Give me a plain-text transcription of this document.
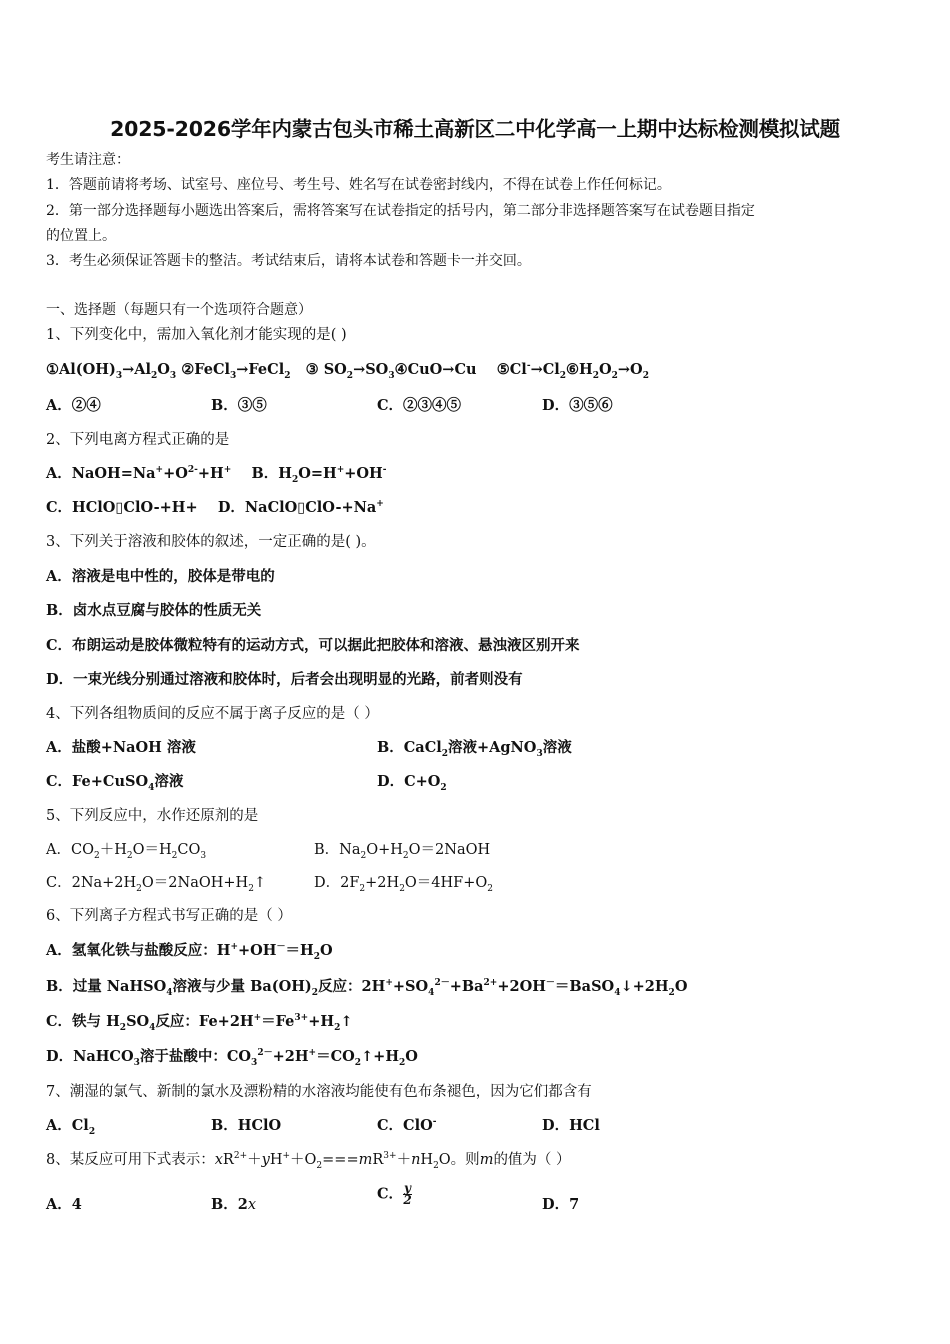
2025-2026学年内蒙古包头市稀土高新区二中化学高一上期中达标检测模拟试题
考生请注意：
1．答题前请将考场、试室号、座位号、考生号、姓名写在试卷密封线内，不得在试卷上作任何标记。
2．第一部分选择题每小题选出答案后，需将答案写在试卷指定的括号内，第二部分非选择题答案写在试卷题目指定
的位置上。
3．考生必须保证答题卡的整洁。考试结束后，请将本试卷和答题卡一并交回。
一、选择题（每题只有一个选项符合题意）
1、下列变化中，需加入氧化剂才能实现的是( )
$①Al(OH)_3\to Al_2O_3$ ②FeCl$_3$→FeCl$_2$ ③ $SO_2\to SO_3④CuO\to Cu$ $⑤Cl^-\to Cl_2⑥H_2O_2\to O_2$
A．②④	B．③⑤	C．②③④⑤	D．③⑤⑥
2、下列电离方程式正确的是
A．$NaOH=Na^++O^{2-}+H^+$ B．$H_2O=H^++OH^-$
C．HClO▯ClO-+H+ D．NaClO▯ClO-+Na+
3、下列关于溶液和胶体的叙述，一定正确的是( )。
A．溶液是电中性的，胶体是带电的
B．卤水点豆腐与胶体的性质无关
C．布朗运动是胶体微粒特有的运动方式，可以据此把胶体和溶液、悬浊液区别开来
D．一束光线分别通过溶液和胶体时，后者会出现明显的光路，前者则没有
4、下列各组物质间的反应不属于离子反应的是（ ）
A．盐酸+NaOH 溶液	B．CaCl$_2$溶液+AgNO$_3$溶液
C．Fe+CuSO$_4$溶液	D．$C+O_2$
5、下列反应中，水作还原剂的是
A．$CO_2+H_2O=H_2CO_3$	B．$Na_2O+H_2O=2NaOH$
C．$2Na+2H_2O=2NaOH+H_2↑$	D．$2F_2+2H_2O=4HF+O_2$
6、下列离子方程式书写正确的是（ ）
A．氢氧化铁与盐酸反应：$H^++OH^-=H_2O$
B．过量 NaHSO$_4$溶液与少量 $Ba(OH)_2$反应：$2H^++SO_4^{2-}+Ba^{2+}+2OH^-=BaSO_4↓+2H_2O$
C．铁与 $H_2SO_4$反应：$Fe+2H^+=Fe^{3+}+H_2↑$
D．NaHCO$_3$溶于盐酸中：$CO_3^{2-}+2H^+=CO_2↑+H_2O$
7、潮湿的氯气、新制的氯水及漂粉精的水溶液均能使有色布条褪色，因为它们都含有
A．$Cl_2$	B．HClO	C．ClO-	D．HCl
8、某反应可用下式表示：$xR^{2+}+yH^++O_2===mR^{3+}+nH_2O$。则m的值为（ ）
A．4	B．2x
C． $\frac{y}{2}$	D．7
